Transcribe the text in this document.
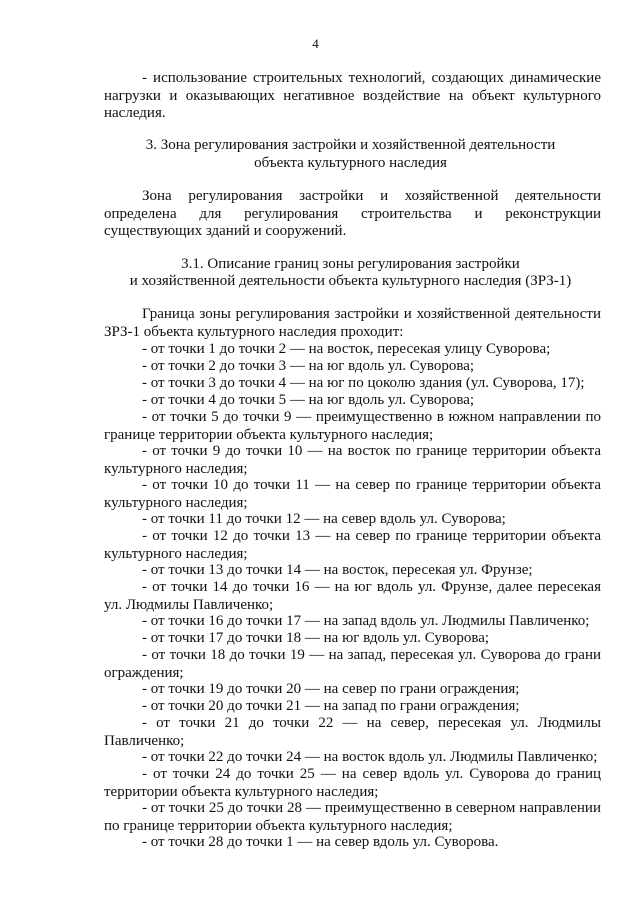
4
- использование строительных технологий, создающих динамические нагрузки и оказывающих негативное воздействие на объект культурного наследия.
3. Зона регулирования застройки и хозяйственной деятельности
объекта культурного наследия
Зона регулирования застройки и хозяйственной деятельности определена для регулирования строительства и реконструкции существующих зданий и сооружений.
3.1. Описание границ зоны регулирования застройки
и хозяйственной деятельности объекта культурного наследия (ЗРЗ-1)
Граница зоны регулирования застройки и хозяйственной деятельности ЗРЗ-1 объекта культурного наследия проходит:
- от точки 1 до точки 2 — на восток, пересекая улицу Суворова;
- от точки 2 до точки 3 — на юг вдоль ул. Суворова;
- от точки 3 до точки 4 — на юг по цоколю здания (ул. Суворова, 17);
- от точки 4 до точки 5 — на юг вдоль ул. Суворова;
- от точки 5 до точки 9 — преимущественно в южном направлении по границе территории объекта культурного наследия;
- от точки 9 до точки 10 — на восток по границе территории объекта культурного наследия;
- от точки 10 до точки 11 — на север по границе территории объекта культурного наследия;
- от точки 11 до точки 12 — на север вдоль ул. Суворова;
- от точки 12 до точки 13 — на север по границе территории объекта культурного наследия;
- от точки 13 до точки 14 — на восток, пересекая ул. Фрунзе;
- от точки 14 до точки 16 — на юг вдоль ул. Фрунзе, далее пересекая ул. Людмилы Павличенко;
- от точки 16 до точки 17 — на запад вдоль ул. Людмилы Павличенко;
- от точки 17 до точки 18 — на юг вдоль ул. Суворова;
- от точки 18 до точки 19 — на запад, пересекая ул. Суворова до грани ограждения;
- от точки 19 до точки 20 — на север по грани ограждения;
- от точки 20 до точки 21 — на запад по грани ограждения;
- от точки 21 до точки 22 — на север, пересекая ул. Людмилы Павличенко;
- от точки 22 до точки 24 — на восток вдоль ул. Людмилы Павличенко;
- от точки 24 до точки 25 — на север вдоль ул. Суворова до границ территории объекта культурного наследия;
- от точки 25 до точки 28 — преимущественно в северном направлении по границе территории объекта культурного наследия;
- от точки 28 до точки 1 — на север вдоль ул. Суворова.
